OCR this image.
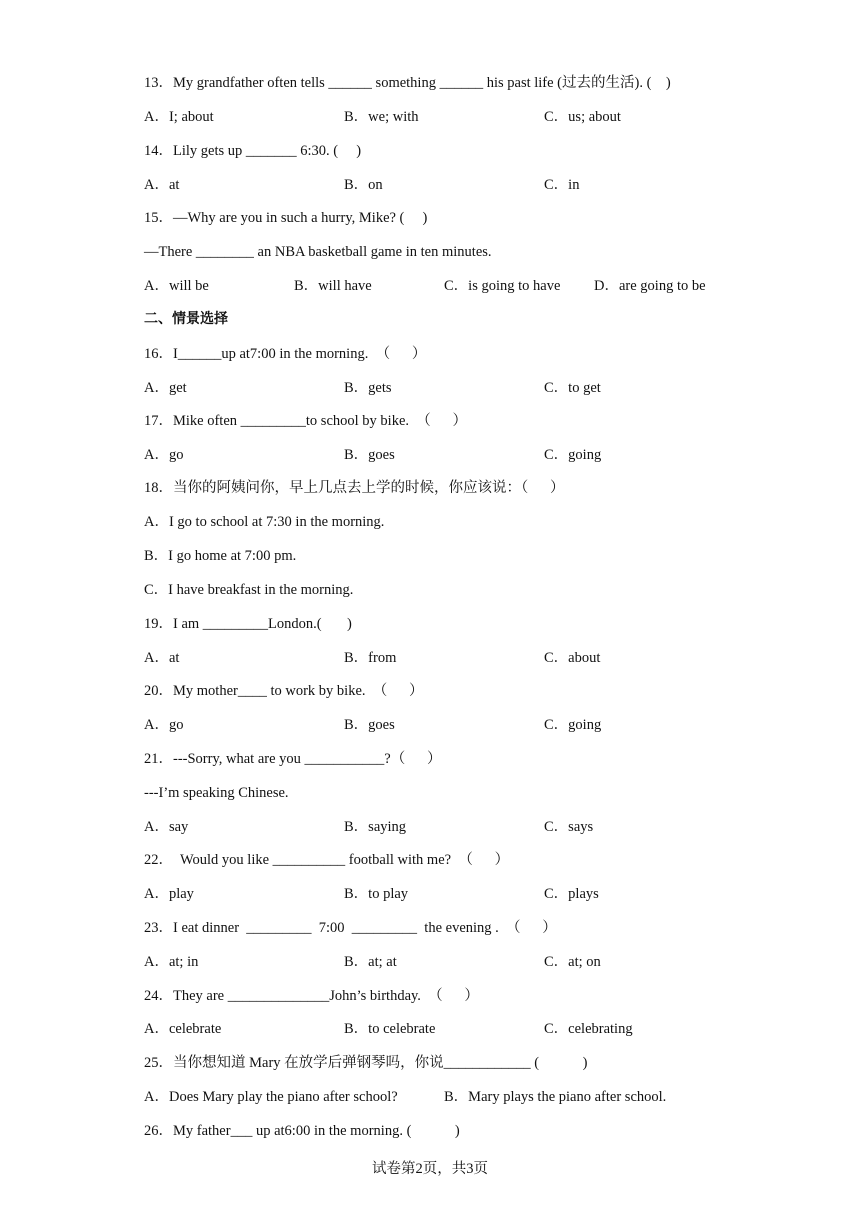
13．My grandfather often tells ______ something ______ his past life (过去的生活). (    )
A．I; about	B．we; with	C．us; about
14．Lily gets up _______ 6:30. (     )
A．at	B．on	C．in
15．—Why are you in such a hurry, Mike? (     )
—There ________ an NBA basketball game in ten minutes.
A．will be	B．will have	C．is going to have D．are going to be
二、情景选择
16．I______up at7:00 in the morning.  （      ）
A．get	B．gets	C．to get
17．Mike often _________to school by bike.  （      ）
A．go	B．goes	C．going
18．当你的阿姨问你，早上几点去上学的时候，你应该说：（      ）
A．I go to school at 7:30 in the morning.
B．I go home at 7:00 pm.
C．I have breakfast in the morning.
19．I am _________London.(       )
A．at	B．from	C．about
20．My mother____ to work by bike.  （      ）
A．go	B．goes	C．going
21．---Sorry, what are you ___________?（      ）
---I’m speaking Chinese.
A．say	B．saying	C．says
22．  Would you like __________ football with me?  （      ）
A．play	B．to play	C．plays
23．I eat dinner  _________  7:00  _________  the evening .  （      ）
A．at; in	B．at; at	C．at; on
24．They are ______________John’s birthday.  （      ）
A．celebrate	B．to celebrate	C．celebrating
25．当你想知道 Mary 在放学后弹钢琴吗，你说____________ (            )
A．Does Mary play the piano after school?	B．Mary plays the piano after school.
26．My father___ up at6:00 in the morning. (            )
试卷第2页，共3页
